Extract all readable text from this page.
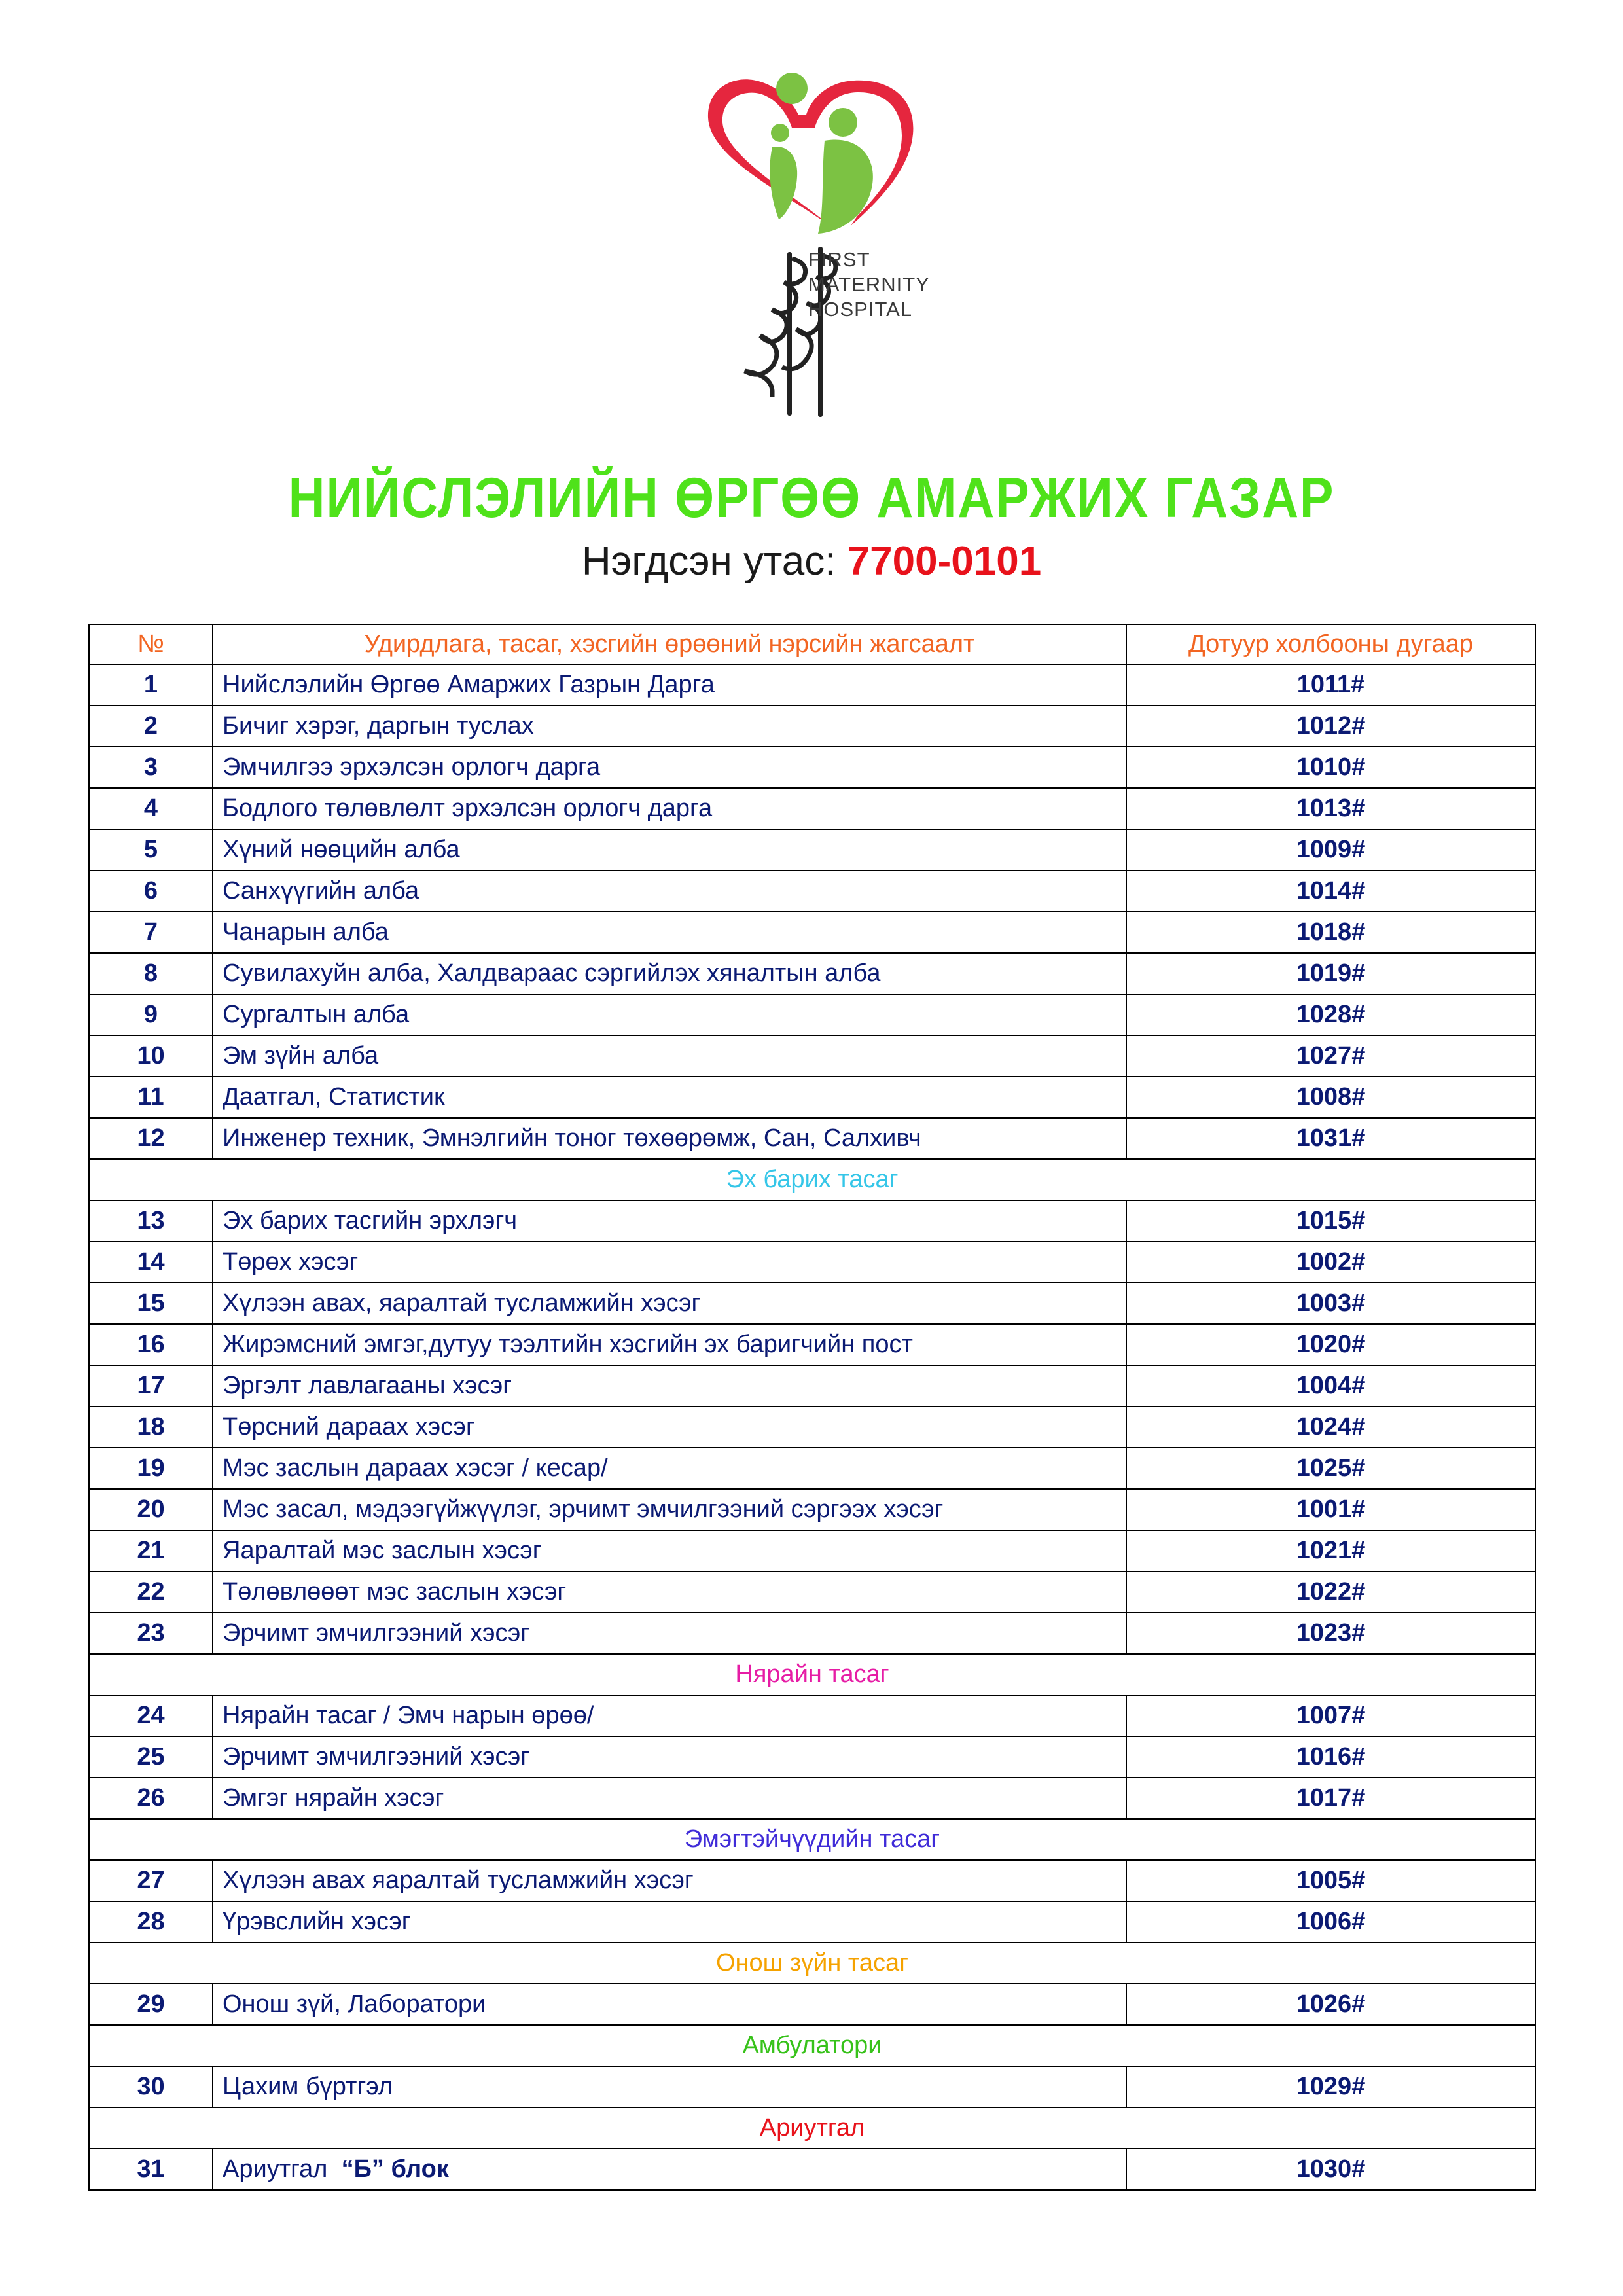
FIRST
MATERNITY
HOSPITAL
НИЙСЛЭЛИЙН ӨРГӨӨ АМАРЖИХ ГАЗАР
Нэгдсэн утас: 7700-0101
№	Удирдлага, тасаг, хэсгийн өрөөний нэрсийн жагсаалт	Дотуур холбооны дугаар
1	Нийслэлийн Өргөө Амаржих Газрын Дарга	1011#
2	Бичиг хэрэг, даргын туслах	1012#
3	Эмчилгээ эрхэлсэн орлогч дарга	1010#
4	Бодлого төлөвлөлт эрхэлсэн орлогч дарга	1013#
5	Хүний нөөцийн алба	1009#
6	Санхүүгийн алба	1014#
7	Чанарын алба	1018#
8	Сувилахуйн алба, Халдвараас сэргийлэх хяналтын алба	1019#
9	Сургалтын алба	1028#
10	Эм зүйн алба	1027#
11	Даатгал, Статистик	1008#
12	Инженер техник, Эмнэлгийн тоног төхөөрөмж, Сан, Салхивч	1031#
Эх барих тасаг		
13	Эх барих тасгийн эрхлэгч	1015#
14	Төрөх хэсэг	1002#
15	Хүлээн авах, яаралтай тусламжийн хэсэг	1003#
16	Жирэмсний эмгэг,дутуу тээлтийн хэсгийн эх баригчийн пост	1020#
17	Эргэлт лавлагааны хэсэг	1004#
18	Төрсний дараах хэсэг	1024#
19	Мэс заслын дараах хэсэг / кесар/	1025#
20	Мэс засал, мэдээгүйжүүлэг, эрчимт эмчилгээний сэргээх хэсэг	1001#
21	Яаралтай мэс заслын хэсэг	1021#
22	Төлөвлөөөт мэс заслын хэсэг	1022#
23	Эрчимт эмчилгээний хэсэг	1023#
Нярайн тасаг		
24	Нярайн тасаг / Эмч нарын өрөө/	1007#
25	Эрчимт эмчилгээний хэсэг	1016#
26	Эмгэг нярайн хэсэг	1017#
Эмэгтэйчүүдийн тасаг		
27	Хүлээн авах яаралтай тусламжийн хэсэг	1005#
28	Үрэвслийн хэсэг	1006#
Онош зүйн тасаг		
29	Онош зүй, Лаборатори	1026#
Амбулатори		
30	Цахим бүртгэл	1029#
Ариутгал		
31	Ариутгал “Б” блок	1030#
